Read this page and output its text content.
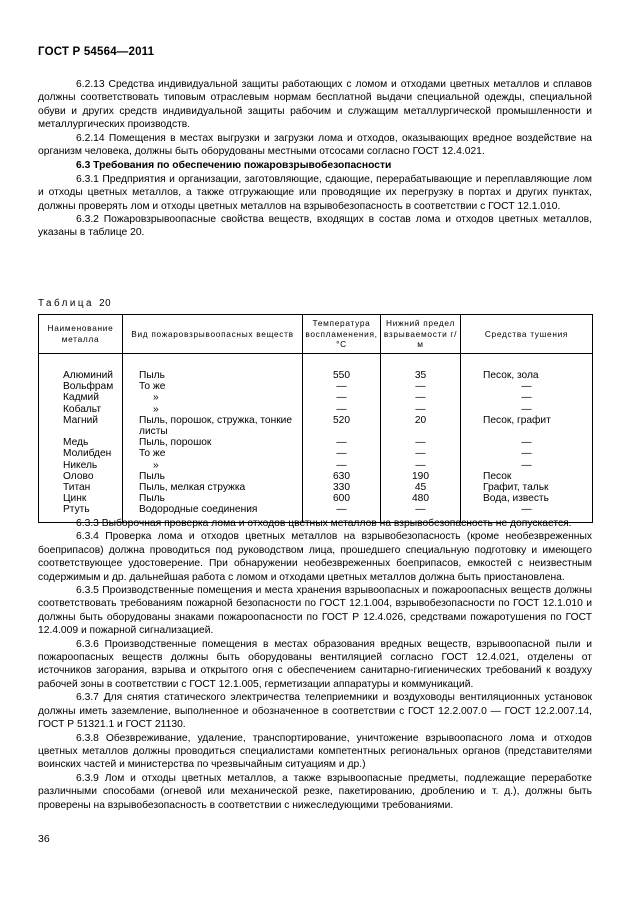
ГОСТ Р 54564—2011

6.2.13 Средства индивидуальной защиты работающих с ломом и отходами цветных металлов и сплавов должны соответствовать типовым отраслевым нормам бесплатной выдачи специальной одежды, специальной обуви и других средств индивидуальной защиты рабочим и служащим металлургической промышленности и металлургических производств.

6.2.14 Помещения в местах выгрузки и загрузки лома и отходов, оказывающих вредное воздействие на организм человека, должны быть оборудованы местными отсосами согласно ГОСТ 12.4.021.

6.3 Требования по обеспечению пожаровзрывобезопасности

6.3.1 Предприятия и организации, заготовляющие, сдающие, перерабатывающие и переплавляющие лом и отходы цветных металлов, а также отгружающие или проводящие их перегрузку в портах и других пунктах, должны проверять лом и отходы цветных металлов на взрывобезопасность в соответствии с ГОСТ 12.1.010.

6.3.2 Пожаровзрывоопасные свойства веществ, входящих в состав лома и отходов цветных металлов, указаны в таблице 20.

Таблица 20
Наименование металла	Вид пожаровзрывоопасных веществ	Температура воспламенения, °С	Нижний предел взрываемости г/м	Средства тушения
Алюминий	Пыль	550	35	Песок, зола
Вольфрам	То же	—	—	—
Кадмий	»	—	—	—
Кобальт	»	—	—	—
Магний	Пыль, порошок, стружка, тонкие листы	520	20	Песок, графит
Медь	Пыль, порошок	—	—	—
Молибден	То же	—	—	—
Никель	»	—	—	—
Олово	Пыль	630	190	Песок
Титан	Пыль, мелкая стружка	330	45	Графит, тальк
Цинк	Пыль	600	480	Вода, известь
Ртуть	Водородные соединения	—	—	—

6.3.3 Выборочная проверка лома и отходов цветных металлов на взрывобезопасность не допускается.

6.3.4 Проверка лома и отходов цветных металлов на взрывобезопасность (кроме необезвреженных боеприпасов) должна проводиться под руководством лица, прошедшего специальную подготовку и имеющего соответствующее удостоверение. При обнаружении необезвреженных боеприпасов, емкостей с неизвестным содержимым и др. дальнейшая работа с ломом и отходами цветных металлов должна быть приостановлена.

6.3.5 Производственные помещения и места хранения взрывоопасных и пожароопасных веществ должны соответствовать требованиям пожарной безопасности по ГОСТ 12.1.004, взрывобезопасности по ГОСТ 12.1.010 и должны быть оборудованы знаками пожароопасности по ГОСТ Р 12.4.026, средствами пожаротушения по ГОСТ 12.4.009 и пожарной сигнализацией.

6.3.6 Производственные помещения в местах образования вредных веществ, взрывоопасной пыли и пожароопасных веществ должны быть оборудованы вентиляцией согласно ГОСТ 12.4.021, отделены от источников загорания, взрыва и открытого огня с обеспечением санитарно-гигиенических требований к воздуху рабочей зоны в соответствии с ГОСТ 12.1.005, герметизации аппаратуры и коммуникаций.

6.3.7 Для снятия статического электричества телеприемники и воздуховоды вентиляционных установок должны иметь заземление, выполненное и обозначенное в соответствии с ГОСТ 12.2.007.0 — ГОСТ 12.2.007.14, ГОСТ Р 51321.1 и ГОСТ 21130.

6.3.8 Обезвреживание, удаление, транспортирование, уничтожение взрывоопасного лома и отходов цветных металлов должны проводиться специалистами компетентных региональных органов (представителями воинских частей и министерства по чрезвычайным ситуациям и др.)

6.3.9 Лом и отходы цветных металлов, а также взрывоопасные предметы, подлежащие переработке различными способами (огневой или механической резке, пакетированию, дроблению и т. д.), должны быть проверены на взрывобезопасность в соответствии с нижеследующими требованиями.

36
